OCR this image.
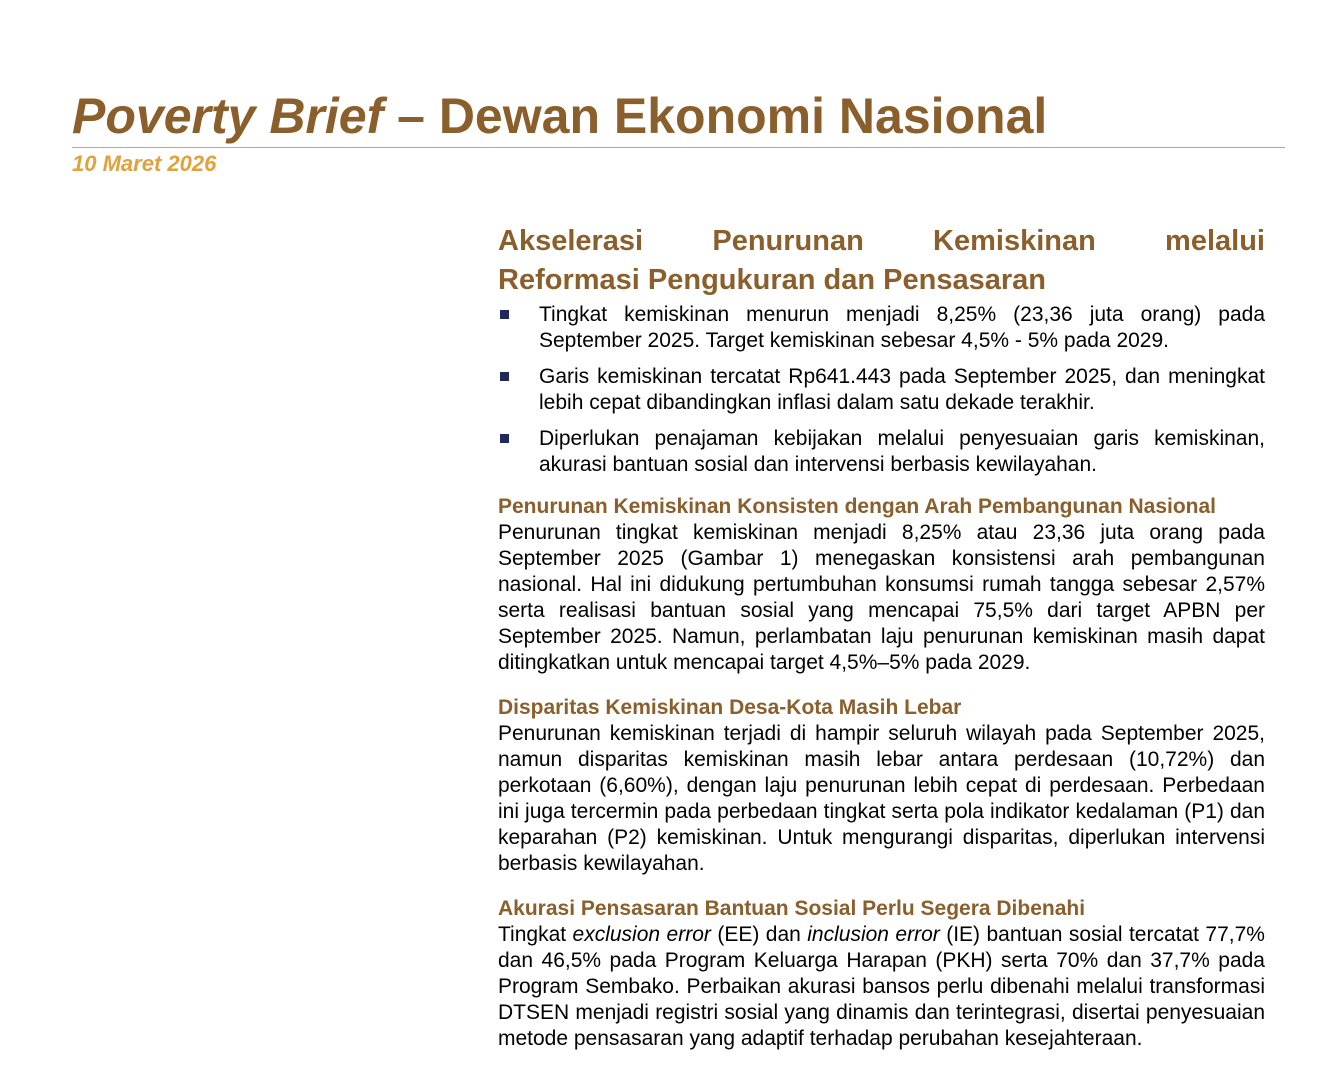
Poverty Brief – Dewan Ekonomi Nasional
10 Maret 2026
Akselerasi Penurunan Kemiskinan melalui
Reformasi Pengukuran dan Pensasaran
Tingkat kemiskinan menurun menjadi 8,25% (23,36 juta orang) pada September 2025. Target kemiskinan sebesar 4,5% - 5% pada 2029.
Garis kemiskinan tercatat Rp641.443 pada September 2025, dan meningkat lebih cepat dibandingkan inflasi dalam satu dekade terakhir.
Diperlukan penajaman kebijakan melalui penyesuaian garis kemiskinan, akurasi bantuan sosial dan intervensi berbasis kewilayahan.
Penurunan Kemiskinan Konsisten dengan Arah Pembangunan Nasional

Penurunan tingkat kemiskinan menjadi 8,25% atau 23,36 juta orang pada September 2025 (Gambar 1) menegaskan konsistensi arah pembangunan nasional. Hal ini didukung pertumbuhan konsumsi rumah tangga sebesar 2,57% serta realisasi bantuan sosial yang mencapai 75,5% dari target APBN per September 2025. Namun, perlambatan laju penurunan kemiskinan masih dapat ditingkatkan untuk mencapai target 4,5%–5% pada 2029.

Disparitas Kemiskinan Desa-Kota Masih Lebar

Penurunan kemiskinan terjadi di hampir seluruh wilayah pada September 2025, namun disparitas kemiskinan masih lebar antara perdesaan (10,72%) dan perkotaan (6,60%), dengan laju penurunan lebih cepat di perdesaan. Perbedaan ini juga tercermin pada perbedaan tingkat serta pola indikator kedalaman (P1) dan keparahan (P2) kemiskinan. Untuk mengurangi disparitas, diperlukan intervensi berbasis kewilayahan.

Akurasi Pensasaran Bantuan Sosial Perlu Segera Dibenahi

Tingkat exclusion error (EE) dan inclusion error (IE) bantuan sosial tercatat 77,7% dan 46,5% pada Program Keluarga Harapan (PKH) serta 70% dan 37,7% pada Program Sembako. Perbaikan akurasi bansos perlu dibenahi melalui transformasi DTSEN menjadi registri sosial yang dinamis dan terintegrasi, disertai penyesuaian metode pensasaran yang adaptif terhadap perubahan kesejahteraan.
